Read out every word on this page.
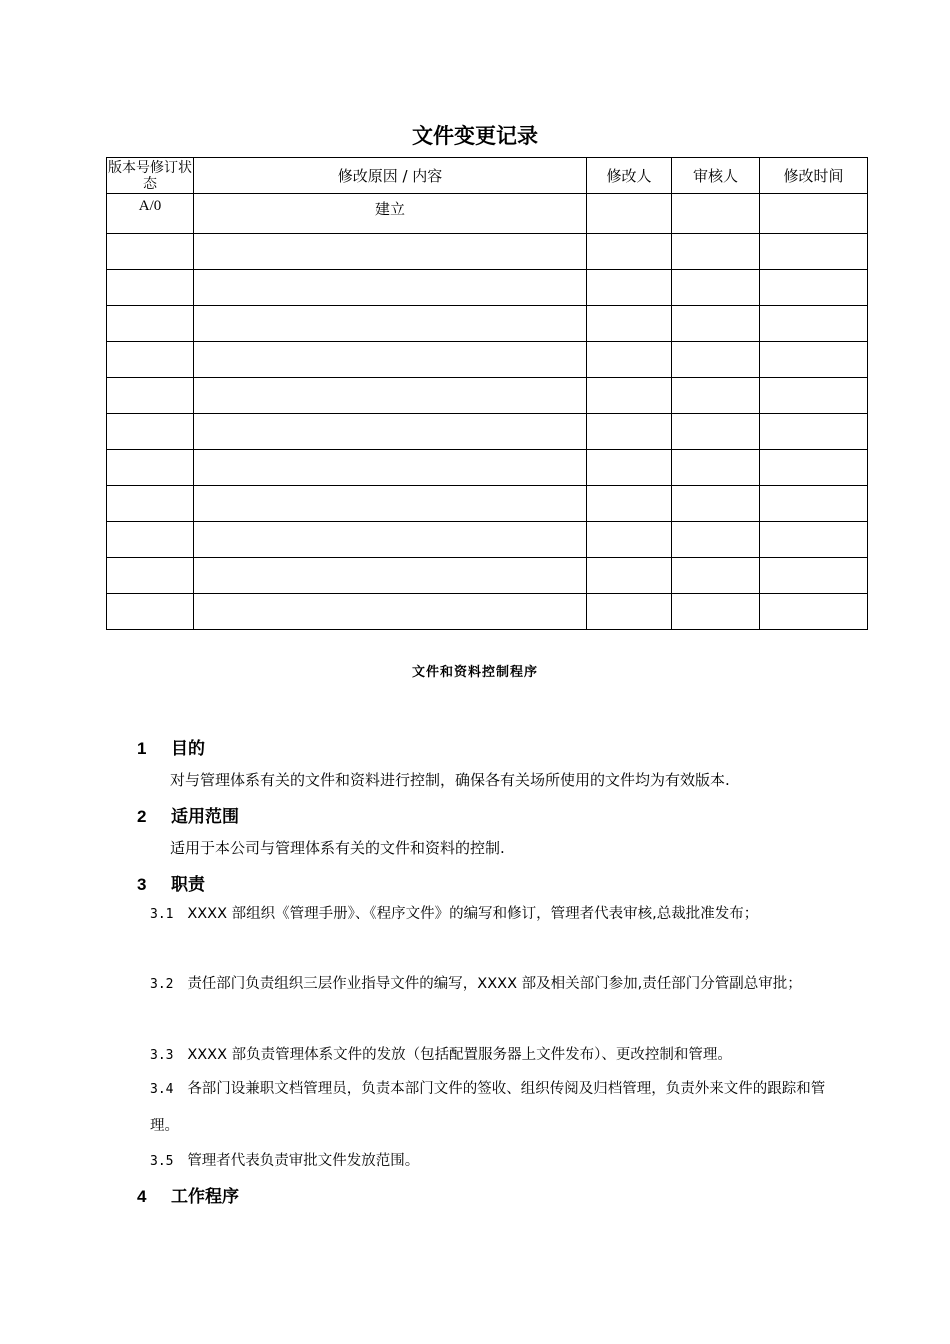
文件变更记录
版本号修订状态	修改原因 / 内容	修改人	审核人	修改时间
A/0	建立			

文件和资料控制程序
1 目的
对与管理体系有关的文件和资料进行控制，确保各有关场所使用的文件均为有效版本.
2 适用范围
适用于本公司与管理体系有关的文件和资料的控制.
3 职责
3.1 XXXX 部组织《管理手册》、《程序文件》的编写和修订，管理者代表审核,总裁批准发布；
3.2 责任部门负责组织三层作业指导文件的编写，XXXX 部及相关部门参加,责任部门分管副总审批；
3.3 XXXX 部负责管理体系文件的发放（包括配置服务器上文件发布）、更改控制和管理。
3.4 各部门设兼职文档管理员，负责本部门文件的签收、组织传阅及归档管理，负责外来文件的跟踪和管理。
3.5 管理者代表负责审批文件发放范围。
4 工作程序
